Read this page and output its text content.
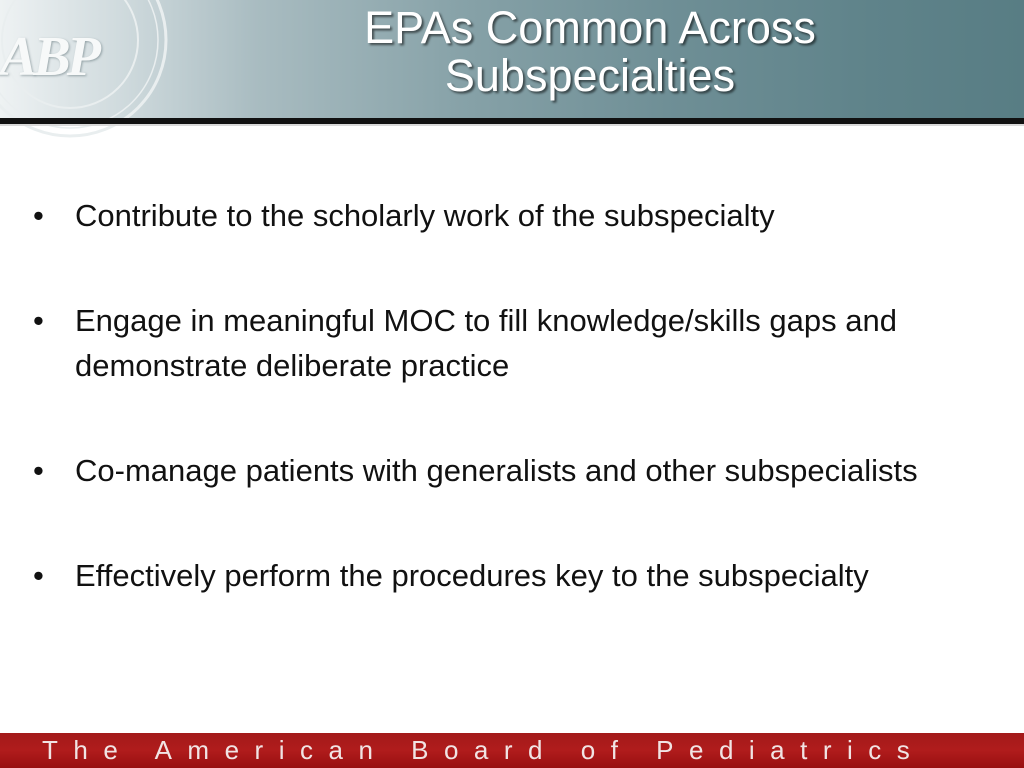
ABP	EPAs Common Across
Subspecialties
• Contribute to the scholarly work of the subspecialty
• Engage in meaningful MOC to fill knowledge/skills gaps and demonstrate deliberate practice
• Co-manage patients with generalists and other subspecialists
• Effectively perform the procedures key to the subspecialty
The American Board of Pediatrics
